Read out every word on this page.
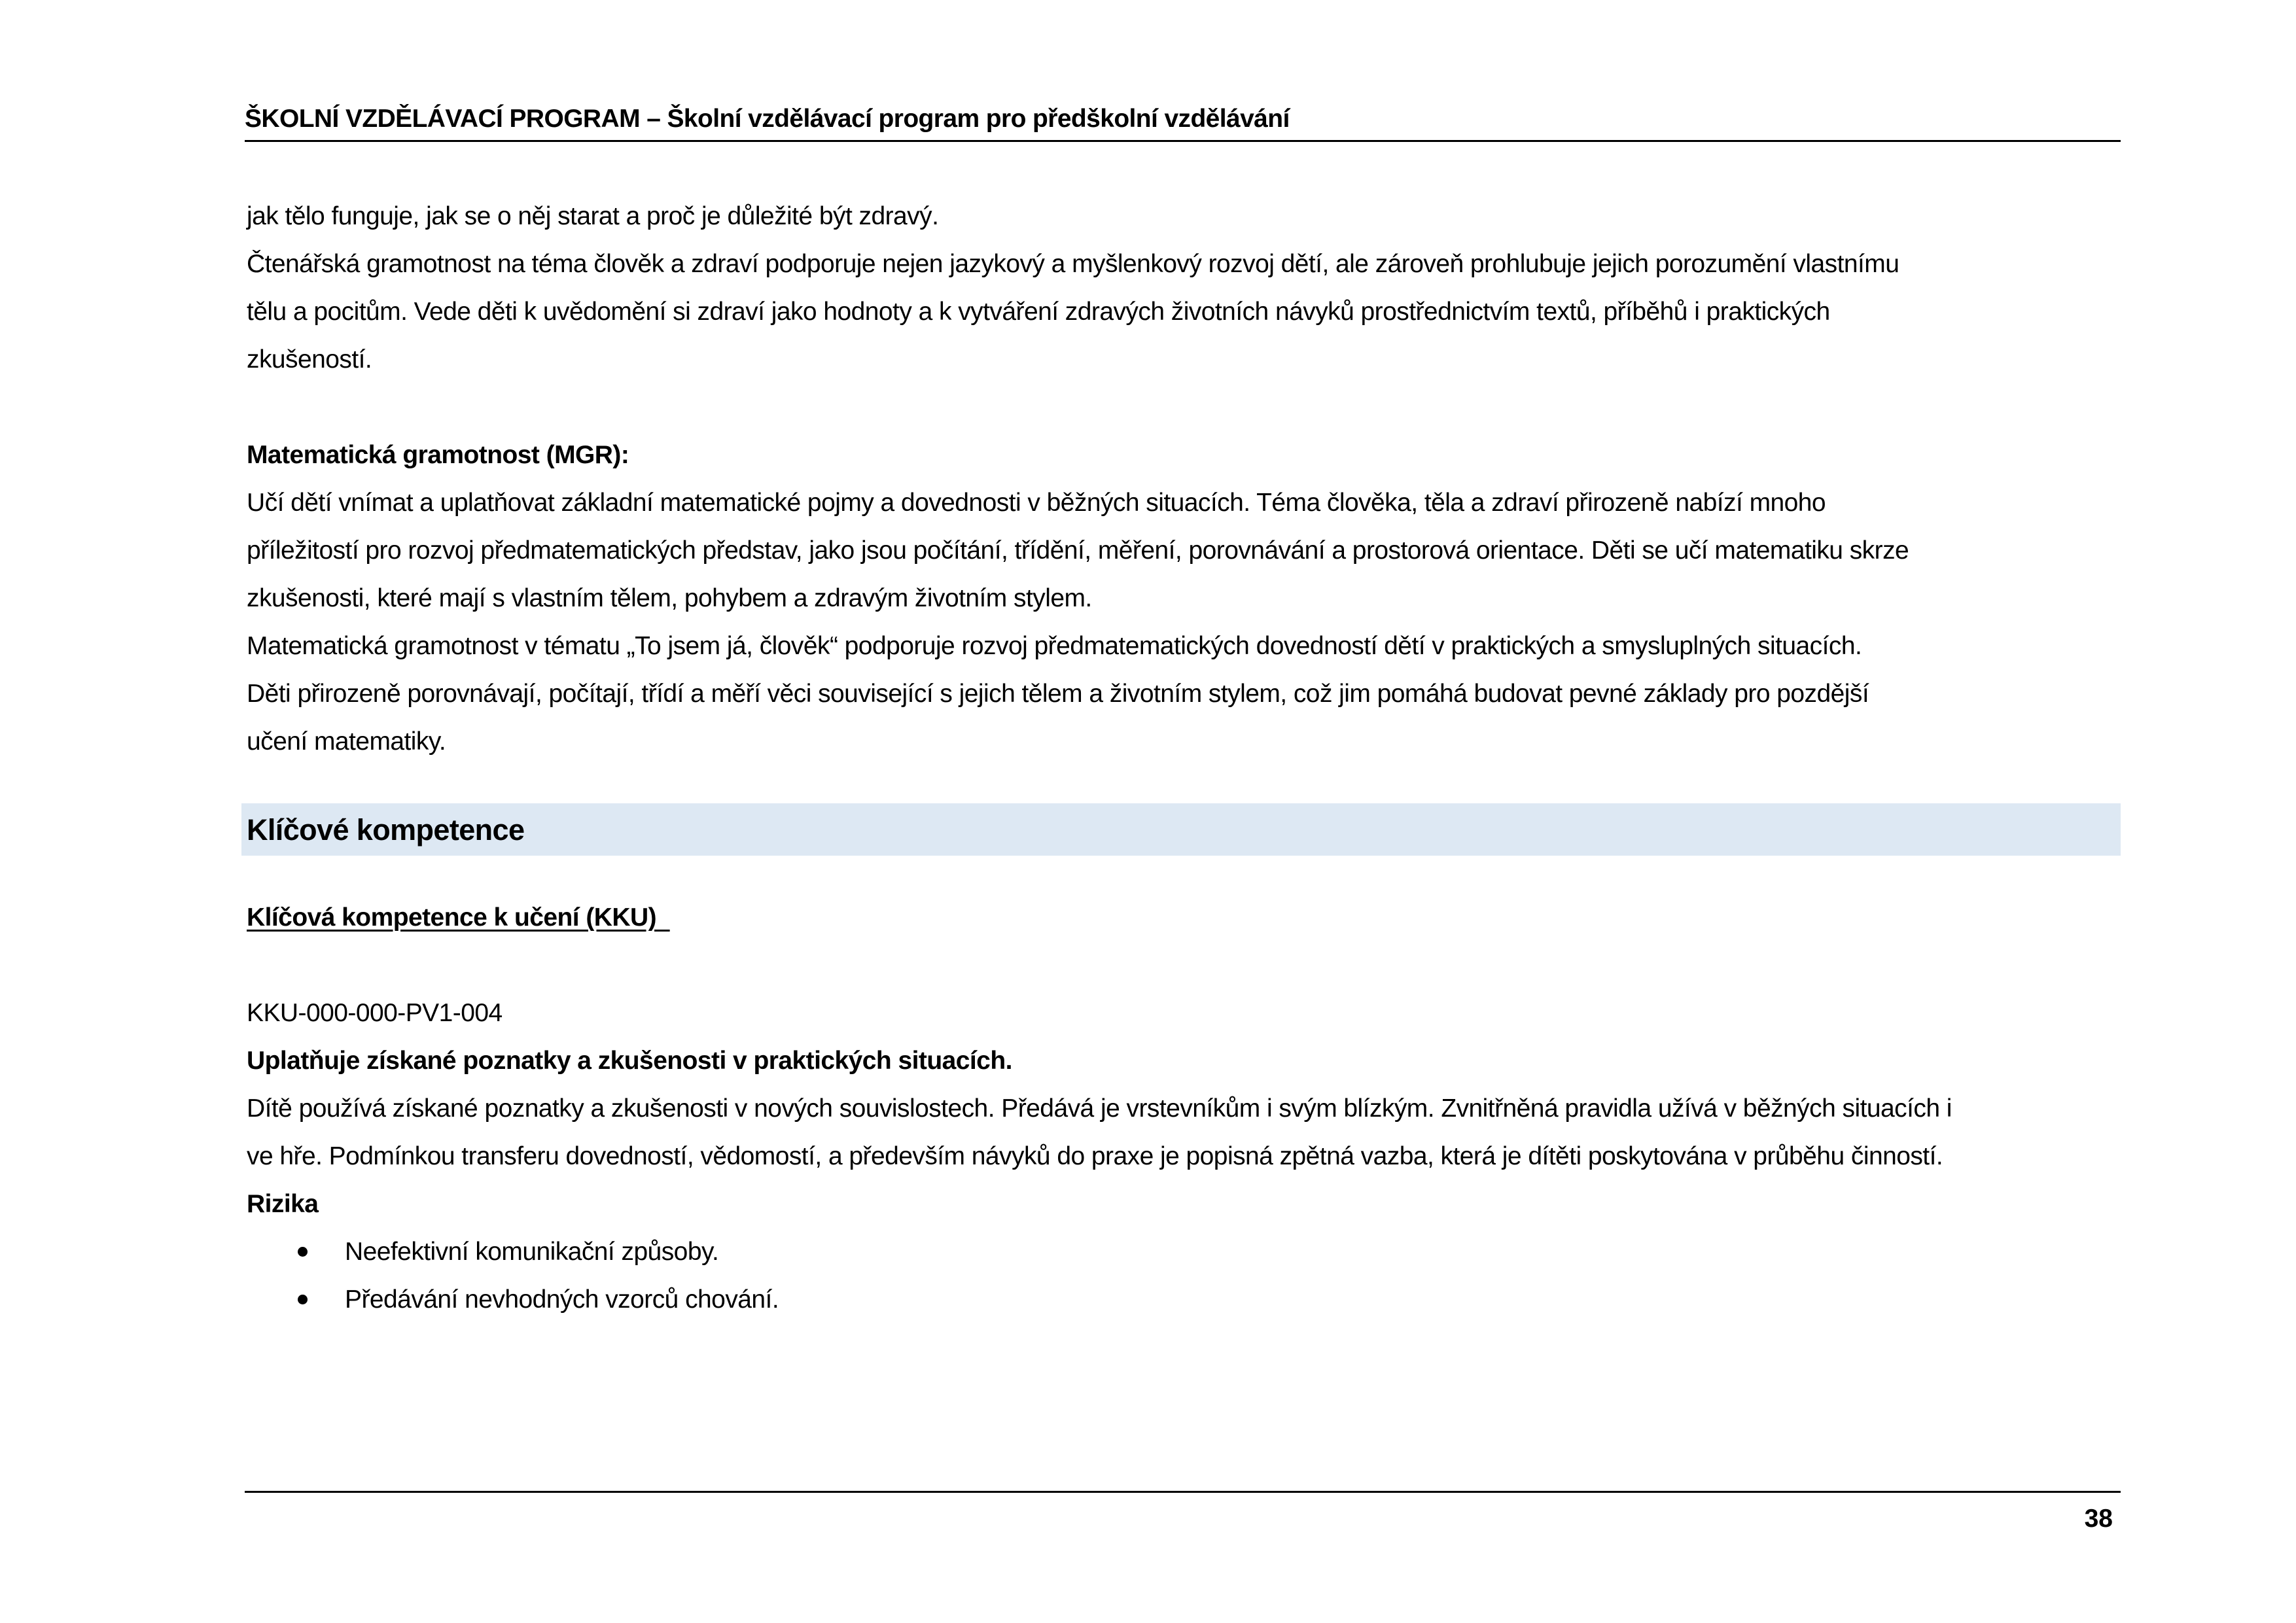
ŠKOLNÍ VZDĚLÁVACÍ PROGRAM – Školní vzdělávací program pro předškolní vzdělávání
jak tělo funguje, jak se o něj starat a proč je důležité být zdravý.
Čtenářská gramotnost na téma člověk a zdraví podporuje nejen jazykový a myšlenkový rozvoj dětí, ale zároveň prohlubuje jejich porozumění vlastnímu
tělu a pocitům. Vede děti k uvědomění si zdraví jako hodnoty a k vytváření zdravých životních návyků prostřednictvím textů, příběhů i praktických
zkušeností.
Matematická gramotnost (MGR):
Učí dětí vnímat a uplatňovat základní matematické pojmy a dovednosti v běžných situacích. Téma člověka, těla a zdraví přirozeně nabízí mnoho
příležitostí pro rozvoj předmatematických představ, jako jsou počítání, třídění, měření, porovnávání a prostorová orientace. Děti se učí matematiku skrze
zkušenosti, které mají s vlastním tělem, pohybem a zdravým životním stylem.
Matematická gramotnost v tématu „To jsem já, člověk“ podporuje rozvoj předmatematických dovedností dětí v praktických a smysluplných situacích.
Děti přirozeně porovnávají, počítají, třídí a měří věci související s jejich tělem a životním stylem, což jim pomáhá budovat pevné základy pro pozdější
učení matematiky.
Klíčové kompetence
Klíčová kompetence k učení (KKU)
KKU-000-000-PV1-004
Uplatňuje získané poznatky a zkušenosti v praktických situacích.
Dítě používá získané poznatky a zkušenosti v nových souvislostech. Předává je vrstevníkům i svým blízkým. Zvnitřněná pravidla užívá v běžných situacích i
ve hře. Podmínkou transferu dovedností, vědomostí, a především návyků do praxe je popisná zpětná vazba, která je dítěti poskytována v průběhu činností.
Rizika
Neefektivní komunikační způsoby.
Předávání nevhodných vzorců chování.
38
